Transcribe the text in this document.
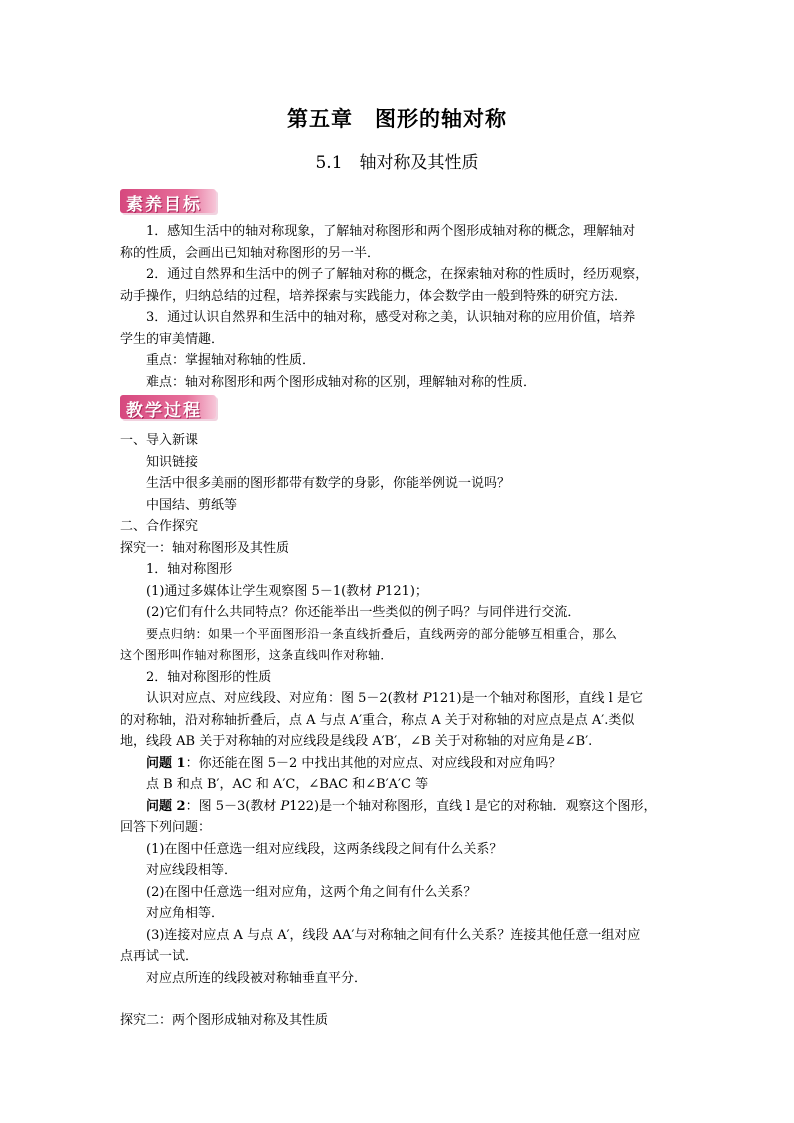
第五章　图形的轴对称
5.1　轴对称及其性质
素养目标

1．感知生活中的轴对称现象，了解轴对称图形和两个图形成轴对称的概念，理解轴对

称的性质，会画出已知轴对称图形的另一半．

2．通过自然界和生活中的例子了解轴对称的概念，在探索轴对称的性质时，经历观察，

动手操作，归纳总结的过程，培养探索与实践能力，体会数学由一般到特殊的研究方法．

3．通过认识自然界和生活中的轴对称，感受对称之美，认识轴对称的应用价值，培养

学生的审美情趣．

重点：掌握轴对称轴的性质．

难点：轴对称图形和两个图形成轴对称的区别，理解轴对称的性质．

教学过程

一、导入新课

知识链接

生活中很多美丽的图形都带有数学的身影，你能举例说一说吗？

中国结、剪纸等

二、合作探究

探究一：轴对称图形及其性质

1．轴对称图形

(1)通过多媒体让学生观察图 5－1(教材 P121)；

(2)它们有什么共同特点？你还能举出一些类似的例子吗？与同伴进行交流．

要点归纳：如果一个平面图形沿一条直线折叠后，直线两旁的部分能够互相重合，那么

这个图形叫作轴对称图形，这条直线叫作对称轴．

2．轴对称图形的性质

认识对应点、对应线段、对应角：图 5－2(教材 P121)是一个轴对称图形，直线 l 是它

的对称轴，沿对称轴折叠后，点 A 与点 A′重合，称点 A 关于对称轴的对应点是点 A′.类似

地，线段 AB 关于对称轴的对应线段是线段 A′B′，∠B 关于对称轴的对应角是∠B′.

问题 1：你还能在图 5－2 中找出其他的对应点、对应线段和对应角吗？

点 B 和点 B′，AC 和 A′C，∠BAC 和∠B′A′C 等

问题 2：图 5－3(教材 P122)是一个轴对称图形，直线 l 是它的对称轴．观察这个图形，

回答下列问题：

(1)在图中任意选一组对应线段，这两条线段之间有什么关系？

对应线段相等．

(2)在图中任意选一组对应角，这两个角之间有什么关系？

对应角相等．

(3)连接对应点 A 与点 A′，线段 AA′与对称轴之间有什么关系？连接其他任意一组对应

点再试一试．

对应点所连的线段被对称轴垂直平分．

探究二：两个图形成轴对称及其性质
